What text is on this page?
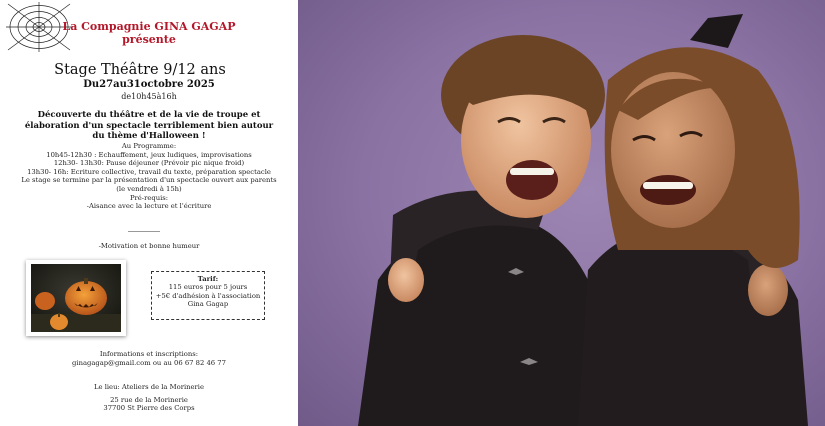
La Compagnie GINA GAGAP
présente
Stage Théâtre 9/12 ans
Du27au31octobre 2025
de10h45à16h
Découverte du théâtre et de la vie de troupe et
élaboration d'un spectacle terriblement bien autour
du thème d'Halloween !
Au Programme:
10h45-12h30 : Echauffement, jeux ludiques, improvisations
12h30- 13h30: Pause déjeuner (Prévoir pic nique froid)
13h30- 16h: Ecriture collective, travail du texte, préparation spectacle
Le stage se termine par la présentation d'un spectacle ouvert aux parents
(le vendredi à 15h)
Pré-requis:
-Aisance avec la lecture et l'écriture
-Motivation et bonne humeur
Tarif:
115 euros pour 5 jours
+5€ d'adhésion à l'association
Gina Gagap
Informations et inscriptions:
ginagagap@gmail.com ou au 06 67 82 46 77
Le lieu: Ateliers de la Morinerie
25 rue de la Morinerie
37700 St Pierre des Corps
